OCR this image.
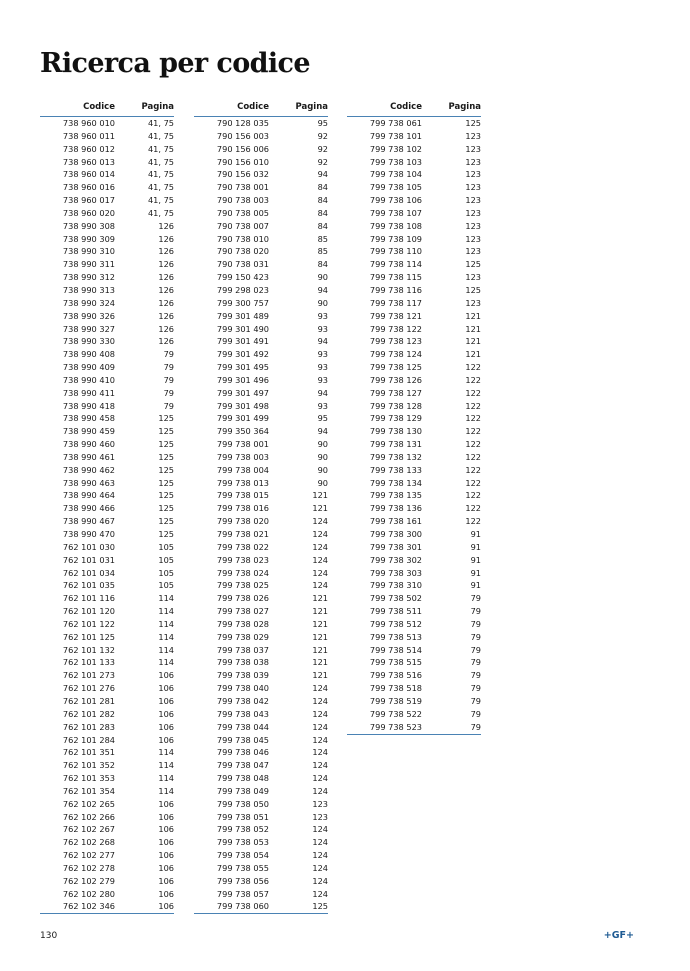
Ricerca per codice
Codice	Pagina
738 960 010	41, 75
738 960 011	41, 75
738 960 012	41, 75
738 960 013	41, 75
738 960 014	41, 75
738 960 016	41, 75
738 960 017	41, 75
738 960 020	41, 75
738 990 308	126
738 990 309	126
738 990 310	126
738 990 311	126
738 990 312	126
738 990 313	126
738 990 324	126
738 990 326	126
738 990 327	126
738 990 330	126
738 990 408	79
738 990 409	79
738 990 410	79
738 990 411	79
738 990 418	79
738 990 458	125
738 990 459	125
738 990 460	125
738 990 461	125
738 990 462	125
738 990 463	125
738 990 464	125
738 990 466	125
738 990 467	125
738 990 470	125
762 101 030	105
762 101 031	105
762 101 034	105
762 101 035	105
762 101 116	114
762 101 120	114
762 101 122	114
762 101 125	114
762 101 132	114
762 101 133	114
762 101 273	106
762 101 276	106
762 101 281	106
762 101 282	106
762 101 283	106
762 101 284	106
762 101 351	114
762 101 352	114
762 101 353	114
762 101 354	114
762 102 265	106
762 102 266	106
762 102 267	106
762 102 268	106
762 102 277	106
762 102 278	106
762 102 279	106
762 102 280	106
762 102 346	106
Codice	Pagina
790 128 035	95
790 156 003	92
790 156 006	92
790 156 010	92
790 156 032	94
790 738 001	84
790 738 003	84
790 738 005	84
790 738 007	84
790 738 010	85
790 738 020	85
790 738 031	84
799 150 423	90
799 298 023	94
799 300 757	90
799 301 489	93
799 301 490	93
799 301 491	94
799 301 492	93
799 301 495	93
799 301 496	93
799 301 497	94
799 301 498	93
799 301 499	95
799 350 364	94
799 738 001	90
799 738 003	90
799 738 004	90
799 738 013	90
799 738 015	121
799 738 016	121
799 738 020	124
799 738 021	124
799 738 022	124
799 738 023	124
799 738 024	124
799 738 025	124
799 738 026	121
799 738 027	121
799 738 028	121
799 738 029	121
799 738 037	121
799 738 038	121
799 738 039	121
799 738 040	124
799 738 042	124
799 738 043	124
799 738 044	124
799 738 045	124
799 738 046	124
799 738 047	124
799 738 048	124
799 738 049	124
799 738 050	123
799 738 051	123
799 738 052	124
799 738 053	124
799 738 054	124
799 738 055	124
799 738 056	124
799 738 057	124
799 738 060	125
Codice	Pagina
799 738 061	125
799 738 101	123
799 738 102	123
799 738 103	123
799 738 104	123
799 738 105	123
799 738 106	123
799 738 107	123
799 738 108	123
799 738 109	123
799 738 110	123
799 738 114	125
799 738 115	123
799 738 116	125
799 738 117	123
799 738 121	121
799 738 122	121
799 738 123	121
799 738 124	121
799 738 125	122
799 738 126	122
799 738 127	122
799 738 128	122
799 738 129	122
799 738 130	122
799 738 131	122
799 738 132	122
799 738 133	122
799 738 134	122
799 738 135	122
799 738 136	122
799 738 161	122
799 738 300	91
799 738 301	91
799 738 302	91
799 738 303	91
799 738 310	91
799 738 502	79
799 738 511	79
799 738 512	79
799 738 513	79
799 738 514	79
799 738 515	79
799 738 516	79
799 738 518	79
799 738 519	79
799 738 522	79
799 738 523	79
130	+GF+
